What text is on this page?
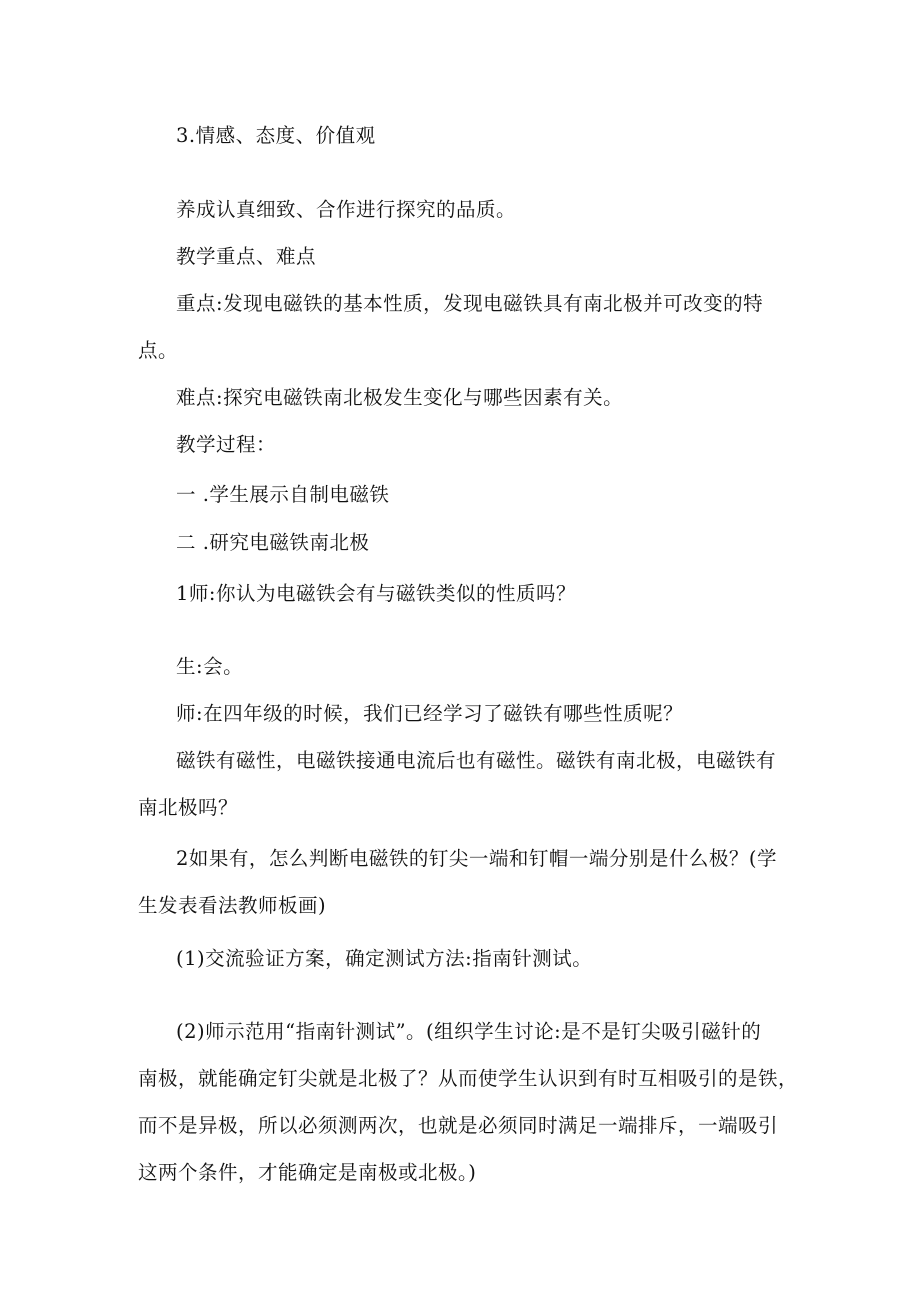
3.情感、态度、价值观

养成认真细致、合作进行探究的品质。

教学重点、难点

重点:发现电磁铁的基本性质，发现电磁铁具有南北极并可改变的特
点。

难点:探究电磁铁南北极发生变化与哪些因素有关。

教学过程：

一 .学生展示自制电磁铁

二 .研究电磁铁南北极

1师:你认为电磁铁会有与磁铁类似的性质吗？

生:会。

师:在四年级的时候，我们已经学习了磁铁有哪些性质呢？

磁铁有磁性，电磁铁接通电流后也有磁性。磁铁有南北极，电磁铁有
南北极吗？

2如果有，怎么判断电磁铁的钉尖一端和钉帽一端分别是什么极？(学
生发表看法教师板画)

(1)交流验证方案，确定测试方法:指南针测试。

(2)师示范用“指南针测试”。(组织学生讨论:是不是钉尖吸引磁针的
南极，就能确定钉尖就是北极了？从而使学生认识到有时互相吸引的是铁，
而不是异极，所以必须测两次，也就是必须同时满足一端排斥，一端吸引
这两个条件，才能确定是南极或北极。)
